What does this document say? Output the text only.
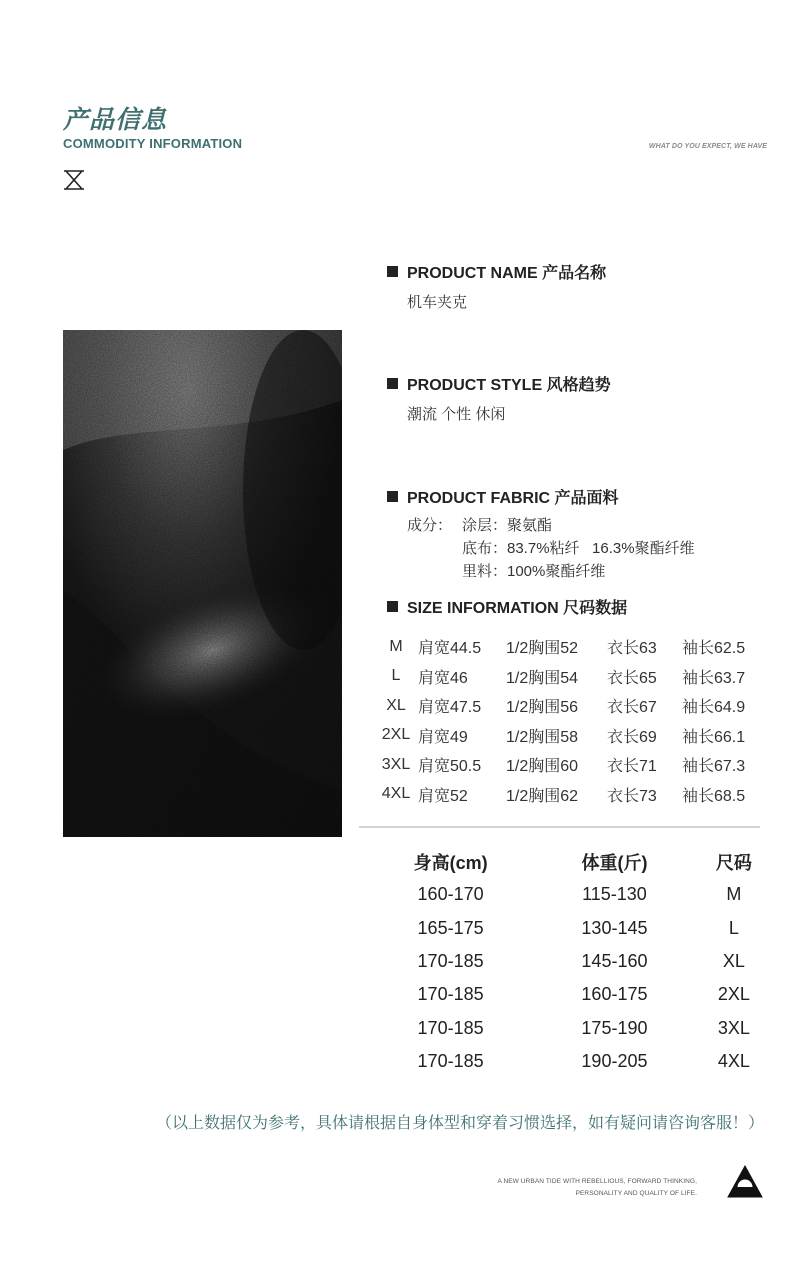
产品信息
COMMODITY INFORMATION	WHAT DO YOU EXPECT, WE HAVE
PRODUCT NAME 产品名称
机车夹克
PRODUCT STYLE 风格趋势
潮流 个性 休闲
PRODUCT FABRIC 产品面料
成分： 涂层：聚氨酯
底布：83.7%粘纤   16.3%聚酯纤维
里料：100%聚酯纤维
SIZE INFORMATION 尺码数据
M	肩宽44.5	1/2胸围52	衣长63	袖长62.5
L	肩宽46	1/2胸围54	衣长65	袖长63.7
XL	肩宽47.5	1/2胸围56	衣长67	袖长64.9
2XL	肩宽49	1/2胸围58	衣长69	袖长66.1
3XL	肩宽50.5	1/2胸围60	衣长71	袖长67.3
4XL	肩宽52	1/2胸围62	衣长73	袖长68.5
身高(cm)	体重(斤)	尺码
160-170	115-130	M
165-175	130-145	L
170-185	145-160	XL
170-185	160-175	2XL
170-185	175-190	3XL
170-185	190-205	4XL
（以上数据仅为参考，具体请根据自身体型和穿着习惯选择，如有疑问请咨询客服！）
A NEW URBAN TIDE WITH REBELLIOUS, FORWARD THINKING,
PERSONALITY AND QUALITY OF LIFE.
